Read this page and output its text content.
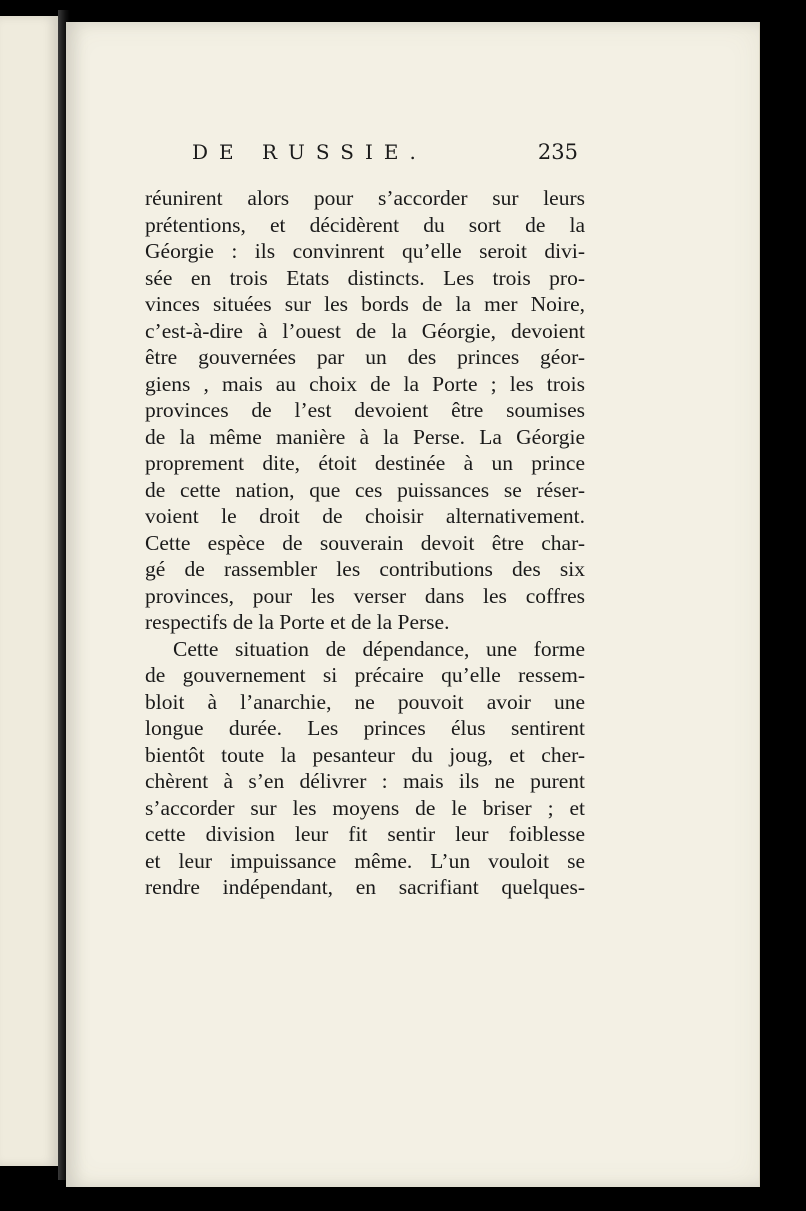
DE RUSSIE.	235
réunirent alors pour s’accorder sur leurs
prétentions, et décidèrent du sort de la
Géorgie : ils convinrent qu’elle seroit divi-
sée en trois Etats distincts. Les trois pro-
vinces situées sur les bords de la mer Noire,
c’est-à-dire à l’ouest de la Géorgie, devoient
être gouvernées par un des princes géor-
giens , mais au choix de la Porte ; les trois
provinces de l’est devoient être soumises
de la même manière à la Perse. La Géorgie
proprement dite, étoit destinée à un prince
de cette nation, que ces puissances se réser-
voient le droit de choisir alternativement.
Cette espèce de souverain devoit être char-
gé de rassembler les contributions des six
provinces, pour les verser dans les coffres
respectifs de la Porte et de la Perse.
Cette situation de dépendance, une forme
de gouvernement si précaire qu’elle ressem-
bloit à l’anarchie, ne pouvoit avoir une
longue durée. Les princes élus sentirent
bientôt toute la pesanteur du joug, et cher-
chèrent à s’en délivrer : mais ils ne purent
s’accorder sur les moyens de le briser ; et
cette division leur fit sentir leur foiblesse
et leur impuissance même. L’un vouloit se
rendre indépendant, en sacrifiant quelques-
